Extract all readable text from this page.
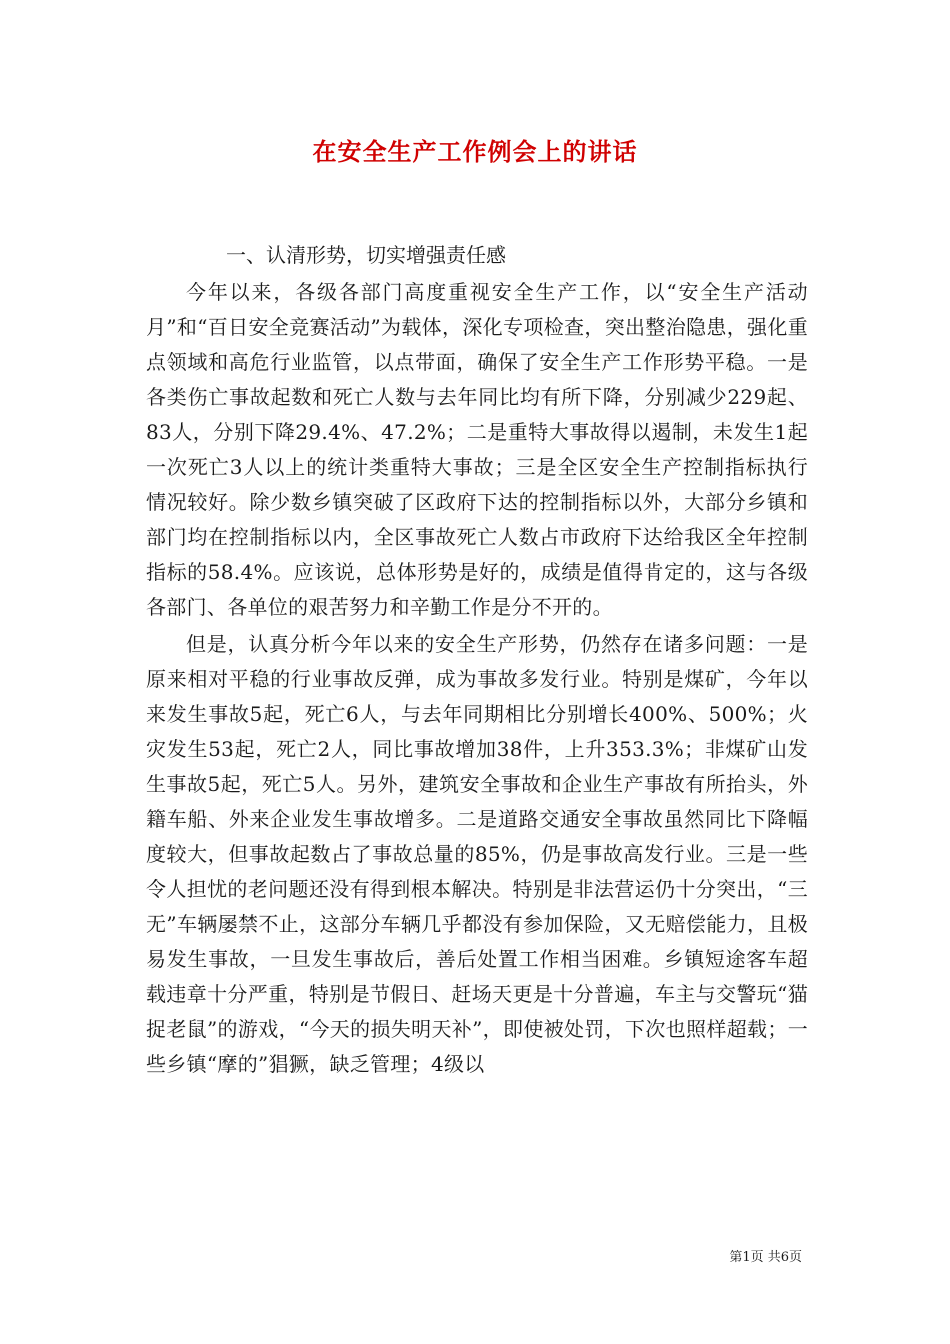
在安全生产工作例会上的讲话

一、认清形势，切实增强责任感

今年以来，各级各部门高度重视安全生产工作，以“安全生产活动月”和“百日安全竞赛活动”为载体，深化专项检查，突出整治隐患，强化重点领域和高危行业监管，以点带面，确保了安全生产工作形势平稳。一是各类伤亡事故起数和死亡人数与去年同比均有所下降，分别减少229起、83人，分别下降29.4%、47.2%；二是重特大事故得以遏制，未发生1起一次死亡3人以上的统计类重特大事故；三是全区安全生产控制指标执行情况较好。除少数乡镇突破了区政府下达的控制指标以外，大部分乡镇和部门均在控制指标以内，全区事故死亡人数占市政府下达给我区全年控制指标的58.4%。应该说，总体形势是好的，成绩是值得肯定的，这与各级各部门、各单位的艰苦努力和辛勤工作是分不开的。

但是，认真分析今年以来的安全生产形势，仍然存在诸多问题：一是原来相对平稳的行业事故反弹，成为事故多发行业。特别是煤矿，今年以来发生事故5起，死亡6人，与去年同期相比分别增长400%、500%；火灾发生53起，死亡2人，同比事故增加38件，上升353.3%；非煤矿山发生事故5起，死亡5人。另外，建筑安全事故和企业生产事故有所抬头，外籍车船、外来企业发生事故增多。二是道路交通安全事故虽然同比下降幅度较大，但事故起数占了事故总量的85%，仍是事故高发行业。三是一些令人担忧的老问题还没有得到根本解决。特别是非法营运仍十分突出，“三无”车辆屡禁不止，这部分车辆几乎都没有参加保险，又无赔偿能力，且极易发生事故，一旦发生事故后，善后处置工作相当困难。乡镇短途客车超载违章十分严重，特别是节假日、赶场天更是十分普遍，车主与交警玩“猫捉老鼠”的游戏，“今天的损失明天补”，即使被处罚，下次也照样超载；一些乡镇“摩的”猖獗，缺乏管理；4级以

第1页 共6页
